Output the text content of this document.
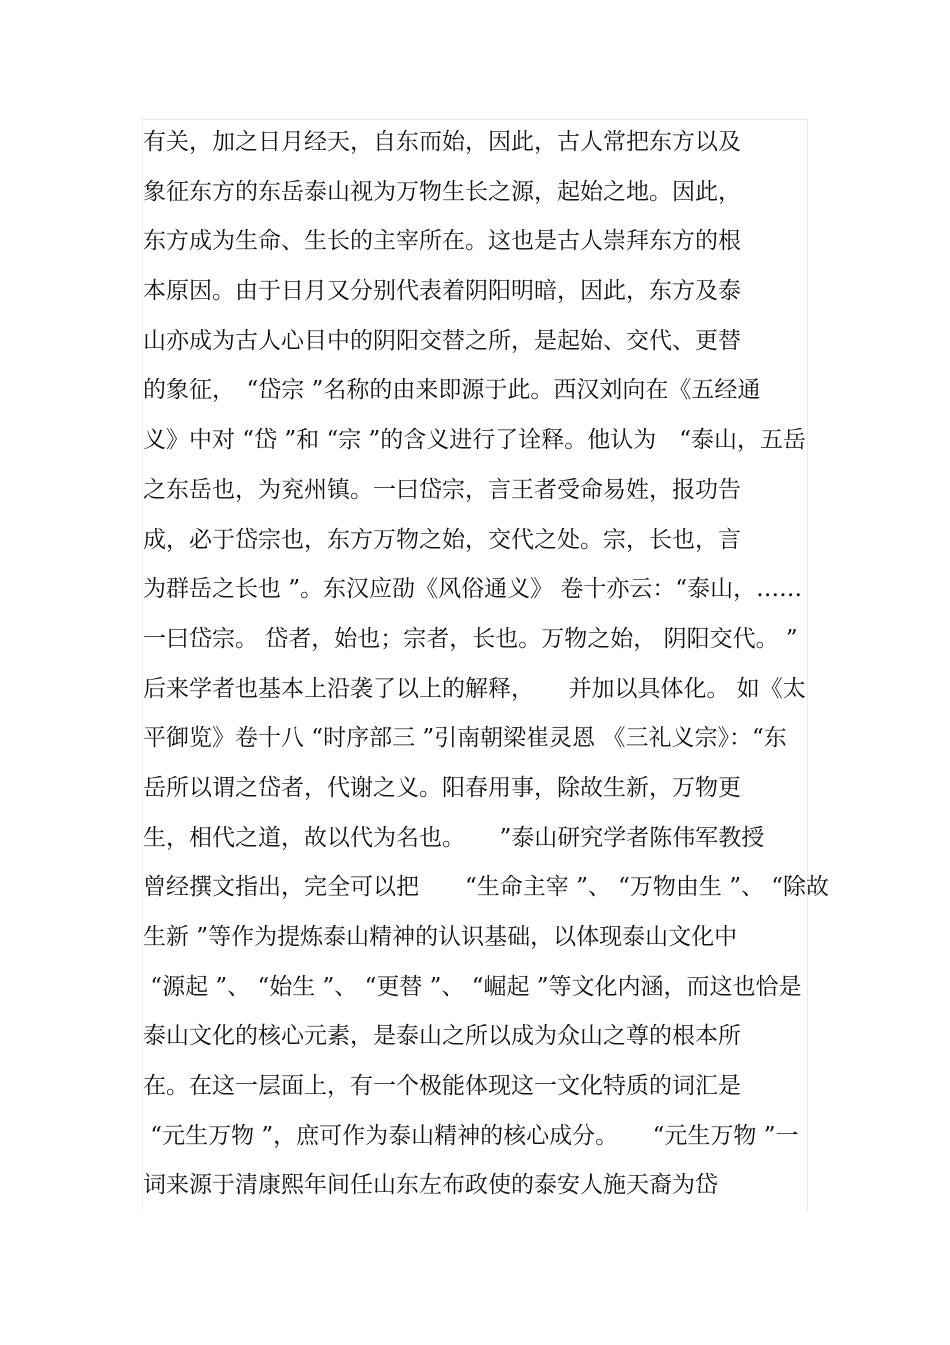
有关，加之日月经天，自东而始，因此，古人常把东方以及
象征东方的东岳泰山视为万物生长之源，起始之地。因此，
东方成为生命、生长的主宰所在。这也是古人崇拜东方的根
本原因。由于日月又分别代表着阴阳明暗，因此，东方及泰
山亦成为古人心目中的阴阳交替之所，是起始、交代、更替
的象征，　“岱宗 ”名称的由来即源于此。西汉刘向在《五经通
义》中对 “岱 ”和 “宗 ”的含义进行了诠释。他认为　“泰山，五岳
之东岳也，为兖州镇。一曰岱宗，言王者受命易姓，报功告
成，必于岱宗也，东方万物之始，交代之处。宗，长也，言
为群岳之长也 ”。东汉应劭《风俗通义》 卷十亦云：“泰山，……
一曰岱宗。 岱者，始也；宗者，长也。万物之始， 阴阳交代。 ”
后来学者也基本上沿袭了以上的解释，　　并加以具体化。 如《太
平御览》卷十八 “时序部三 ”引南朝梁崔灵恩 《三礼义宗》：“东
岳所以谓之岱者，代谢之义。阳春用事，除故生新，万物更
生，相代之道，故以代为名也。　　”泰山研究学者陈伟军教授
曾经撰文指出，完全可以把　　“生命主宰 ”、 “万物由生 ”、 “除故
生新 ”等作为提炼泰山精神的认识基础，以体现泰山文化中
“源起 ”、 “始生 ”、 “更替 ”、 “崛起 ”等文化内涵，而这也恰是
泰山文化的核心元素，是泰山之所以成为众山之尊的根本所
在。在这一层面上，有一个极能体现这一文化特质的词汇是
“元生万物 ”，庶可作为泰山精神的核心成分。　　“元生万物 ”一
词来源于清康熙年间任山东左布政使的泰安人施天裔为岱
